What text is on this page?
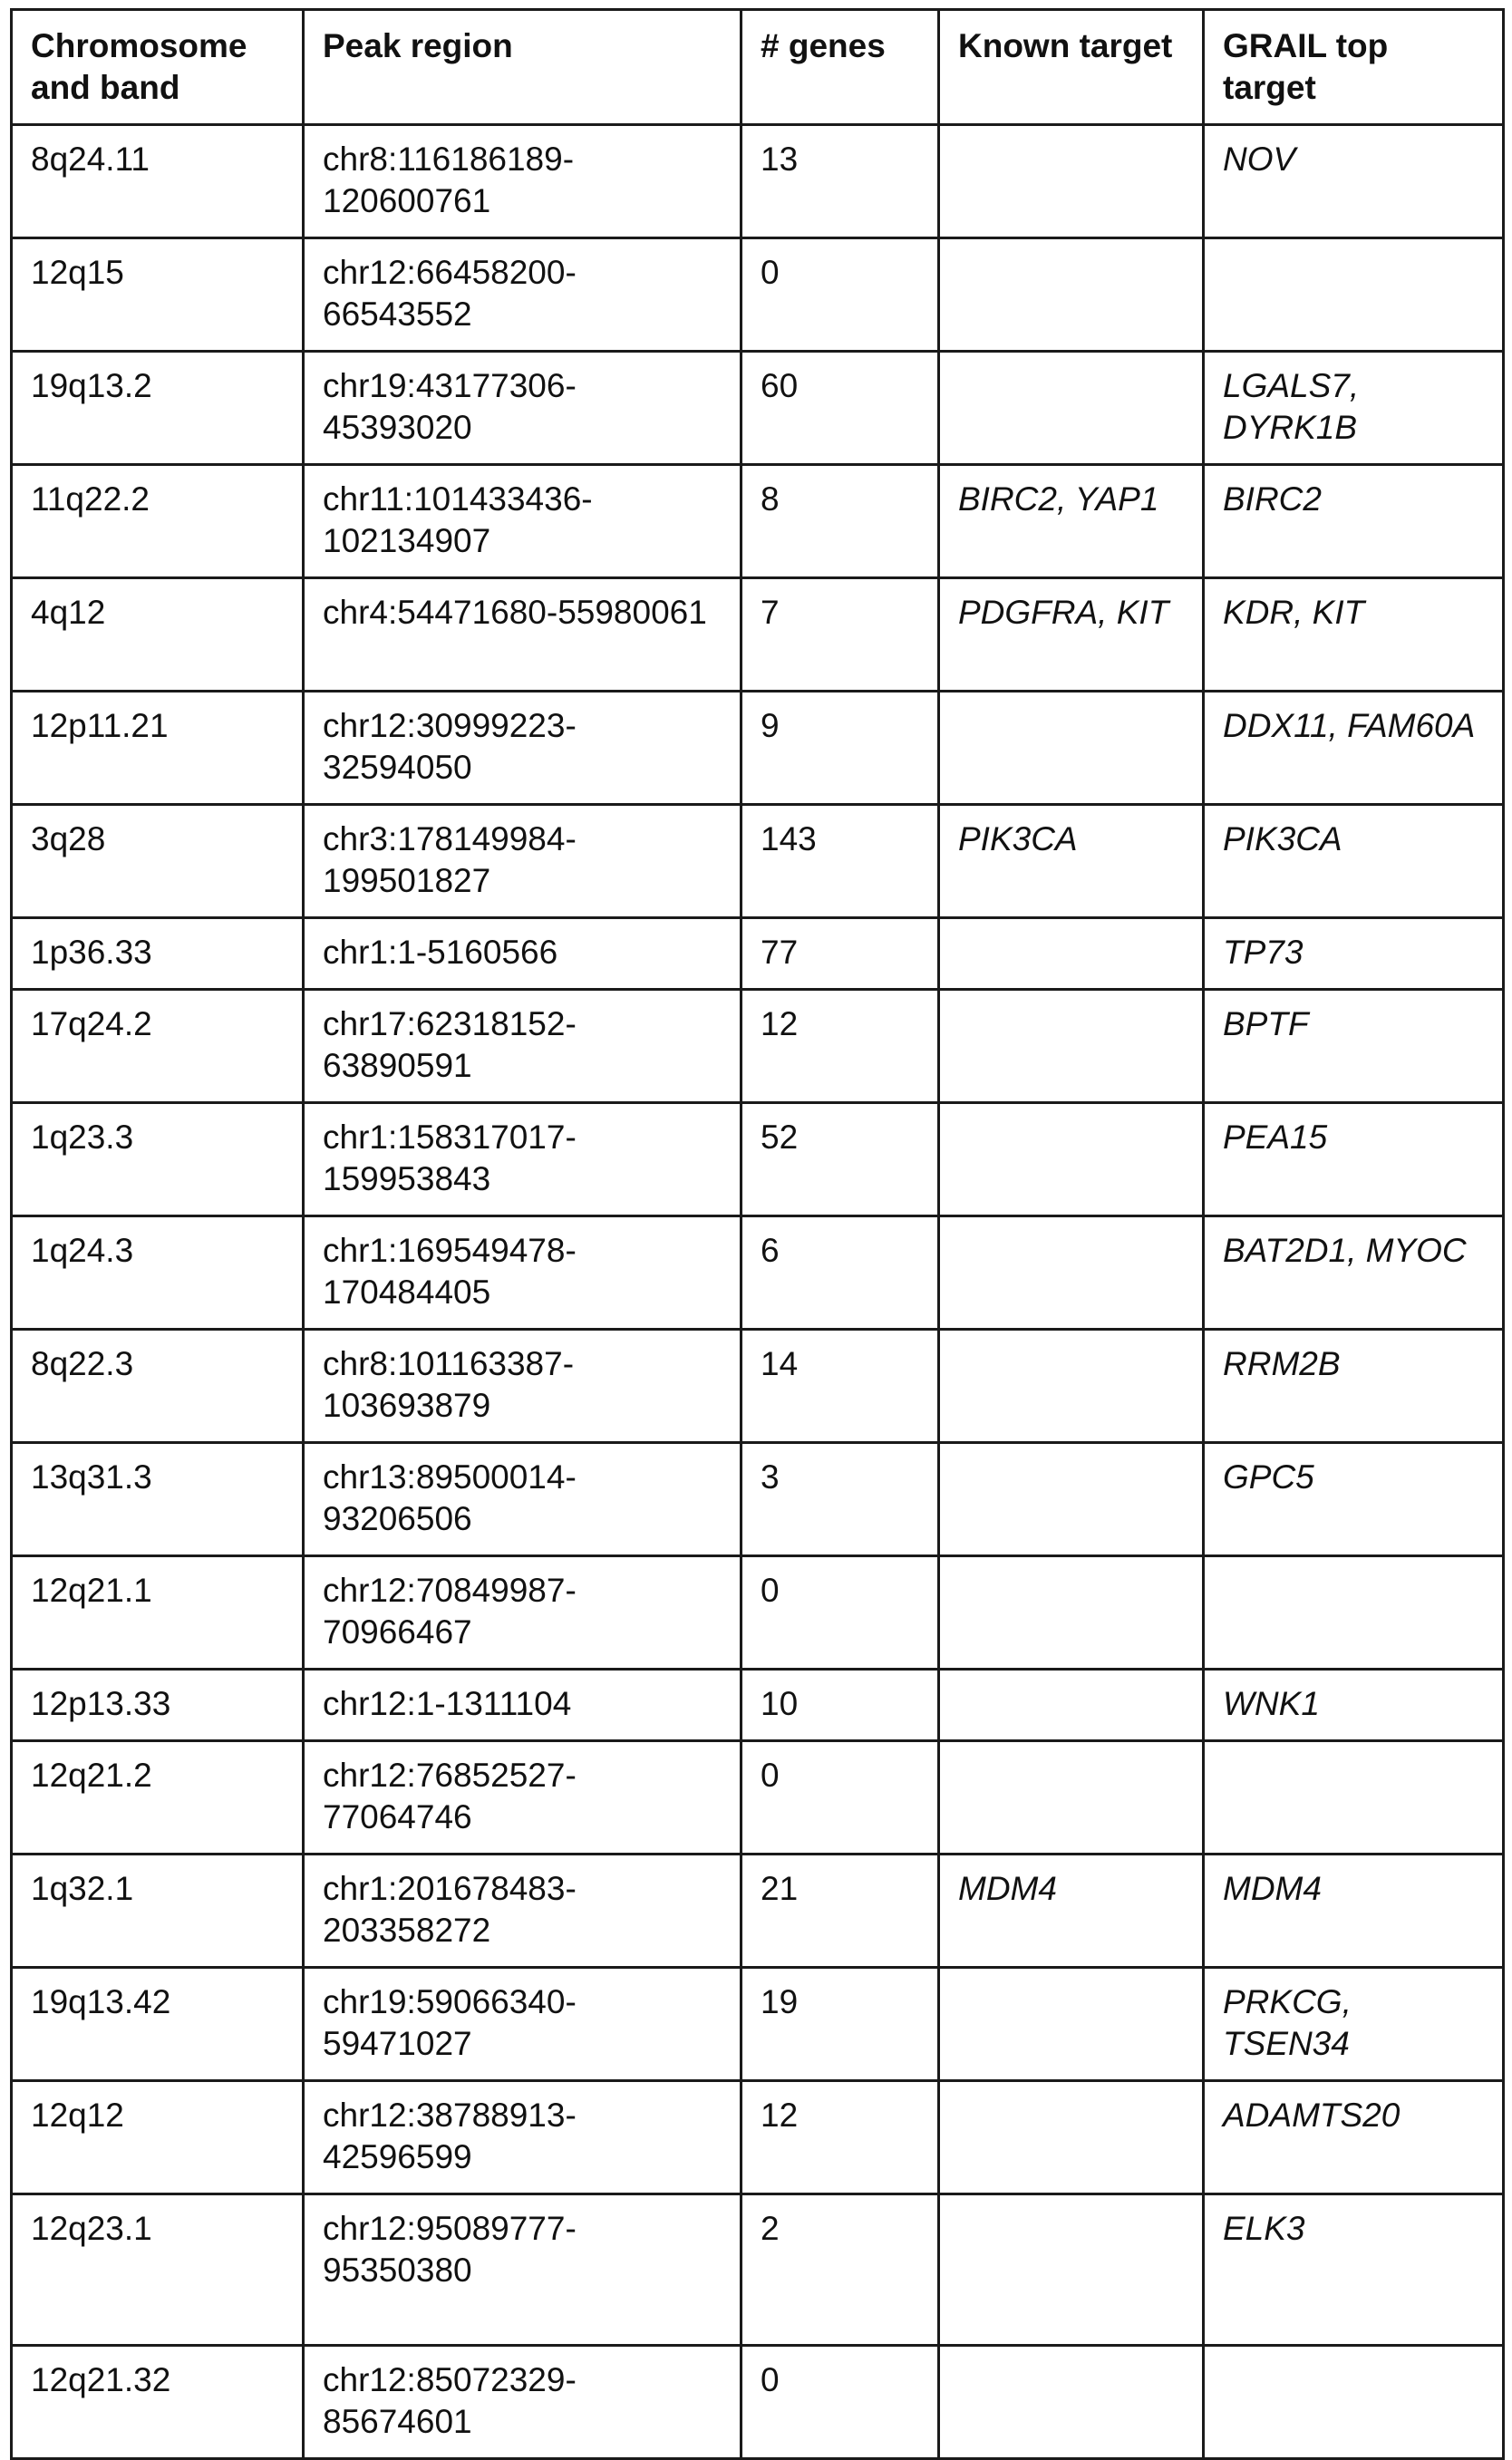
Chromosome and band	Peak region	# genes	Known target	GRAIL top target
8q24.11	chr8:116186189-120600761	13		NOV
12q15	chr12:66458200-66543552	0		
19q13.2	chr19:43177306-45393020	60		LGALS7, DYRK1B
11q22.2	chr11:101433436-102134907	8	BIRC2, YAP1	BIRC2
4q12	chr4:54471680-55980061	7	PDGFRA, KIT	KDR, KIT
12p11.21	chr12:30999223-32594050	9		DDX11, FAM60A
3q28	chr3:178149984-199501827	143	PIK3CA	PIK3CA
1p36.33	chr1:1-5160566	77		TP73
17q24.2	chr17:62318152-63890591	12		BPTF
1q23.3	chr1:158317017-159953843	52		PEA15
1q24.3	chr1:169549478-170484405	6		BAT2D1, MYOC
8q22.3	chr8:101163387-103693879	14		RRM2B
13q31.3	chr13:89500014-93206506	3		GPC5
12q21.1	chr12:70849987-70966467	0		
12p13.33	chr12:1-1311104	10		WNK1
12q21.2	chr12:76852527-77064746	0		
1q32.1	chr1:201678483-203358272	21	MDM4	MDM4
19q13.42	chr19:59066340-59471027	19		PRKCG, TSEN34
12q12	chr12:38788913-42596599	12		ADAMTS20
12q23.1	chr12:95089777-95350380	2		ELK3
12q21.32	chr12:85072329-85674601	0		
